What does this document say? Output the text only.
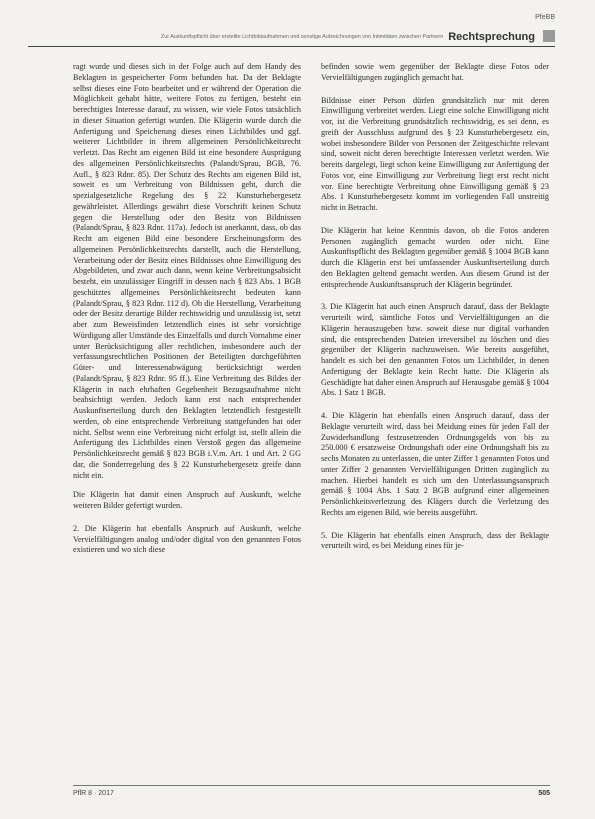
PfeBB
Zur Auskunftspflicht über erstellte Lichtbildaufnahmen und sonstige Aufzeichnungen von Intimitäten zwischen Partnern Rechtsprechung

ragt wurde und dieses sich in der Folge auch auf dem Handy des Beklagten in gespeicherter Form befunden hat. Da der Beklagte selbst dieses eine Foto bearbeitet und er während der Operation die Möglichkeit gehabt hätte, weitere Fotos zu fertigen, besteht ein berechtigtes Interesse darauf, zu wissen, wie viele Fotos tatsächlich in dieser Situation gefertigt wurden. Die Klägerin wurde durch die Anfertigung und Speicherung dieses einen Lichtbildes und ggf. weiterer Lichtbilder in ihrem allgemeinen Persönlichkeitsrecht verletzt. Das Recht am eigenen Bild ist eine besondere Ausprägung des allgemeinen Persönlichkeitsrechts (Palandt/Sprau, BGB, 76. Aufl., § 823 Rdnr. 85). Der Schutz des Rechts am eigenen Bild ist, soweit es um Verbreitung von Bildnissen geht, durch die spezialgesetzliche Regelung des § 22 Kunsturhebergesetz gewährleistet. Allerdings gewährt diese Vorschrift keinen Schutz gegen die Herstellung oder den Besitz von Bildnissen (Palandt/Sprau, § 823 Rdnr. 117a). Jedoch ist anerkannt, dass, ob das Recht am eigenen Bild eine besondere Erscheinungsform des allgemeinen Persönlichkeitsrechts darstellt, auch die Herstellung, Verarbeitung oder der Besitz eines Bildnisses ohne Einwilligung des Abgebildeten, und zwar auch dann, wenn keine Verbreitungsabsicht besteht, ein unzulässiger Eingriff in dessen nach § 823 Abs. 1 BGB geschütztes allgemeines Persönlichkeitsrecht bedeuten kann (Palandt/Sprau, § 823 Rdnr. 112 d). Ob die Herstellung, Verarbeitung oder der Besitz derartige Bilder rechtswidrig und unzulässig ist, setzt aber zum Beweisfinden letztendlich eines ist sehr vorsichtige Würdigung aller Umstände des Einzelfalls und durch Vornahme einer unter Berücksichtigung aller rechtlichen, insbesondere auch der verfassungsrechtlichen Positionen der Beteiligten durchgeführten Güter- und Interessenabwägung berücksichtigt werden (Palandt/Sprau, § 823 Rdnr. 95 ff.). Eine Verbreitung des Bildes der Klägerin in nach ehrhaften Gegebenheit Bezugsaufnahme nicht beabsichtigt werden. Jedoch kann erst nach entsprechender Auskunftserteilung durch den Beklagten letztendlich festgestellt werden, ob eine entsprechende Verbreitung stattgefunden hat oder nicht. Selbst wenn eine Verbreitung nicht erfolgt ist, stellt allein die Anfertigung des Lichtbildes einen Verstoß gegen das allgemeine Persönlichkeitsrecht gemäß § 823 BGB i.V.m. Art. 1 und Art. 2 GG dar, die Sonderregelung des § 22 Kunsturhebergesetz greife dann nicht ein.

Die Klägerin hat damit einen Anspruch auf Auskunft, welche weiteren Bilder gefertigt wurden.

2. Die Klägerin hat ebenfalls Anspruch auf Auskunft, welche Vervielfältigungen analog und/oder digital von den genannten Fotos existieren und wo sich diese

befinden sowie wem gegenüber der Beklagte diese Fotos oder Vervielfältigungen zugänglich gemacht hat.

Bildnisse einer Person dürfen grundsätzlich nur mit deren Einwilligung verbreitet werden. Liegt eine solche Einwilligung nicht vor, ist die Verbreitung grundsätzlich rechtswidrig, es sei denn, es greift der Ausschluss aufgrund des § 23 Kunsturhebergesetz ein, wobei insbesondere Bilder von Personen der Zeitgeschichte relevant sind, soweit nicht deren berechtigte Interessen verletzt werden. Wie bereits dargelegt, liegt schon keine Einwilligung zur Anfertigung der Fotos vor, eine Einwilligung zur Verbreitung liegt erst recht nicht vor. Eine berechtigte Verbreitung ohne Einwilligung gemäß § 23 Abs. 1 Kunsturhebergesetz kommt im vorliegenden Fall unstreitig nicht in Betracht.

Die Klägerin hat keine Kenntnis davon, ob die Fotos anderen Personen zugänglich gemacht wurden oder nicht. Eine Auskunftspflicht des Beklagten gegenüber gemäß § 1004 BGB kann durch die Klägerin erst bei umfassender Auskunftserteilung durch den Beklagten geltend gemacht werden. Aus diesem Grund ist der entsprechende Auskunftsanspruch der Klägerin begründet.

3. Die Klägerin hat auch einen Anspruch darauf, dass der Beklagte verurteilt wird, sämtliche Fotos und Vervielfältigungen an die Klägerin herauszugeben bzw. soweit diese nur digital vorhanden sind, die entsprechenden Dateien irreversibel zu löschen und dies gegenüber der Klägerin nachzuweisen. Wie bereits ausgeführt, handelt es sich bei den genannten Fotos um Lichtbilder, in denen Anfertigung der Beklagte kein Recht hatte. Die Klägerin als Geschädigte hat daher einen Anspruch auf Herausgabe gemäß § 1004 Abs. 1 Satz 1 BGB.

4. Die Klägerin hat ebenfalls einen Anspruch darauf, dass der Beklagte verurteilt wird, dass bei Meidung eines für jeden Fall der Zuwiderhandlung festzusetzenden Ordnungsgelds von bis zu 250.000 € ersatzweise Ordnungshaft oder eine Ordnungshaft bis zu sechs Monaten zu unterlassen, die unter Ziffer 1 genannten Fotos und unter Ziffer 2 genannten Vervielfältigungen Dritten zugänglich zu machen. Hierbei handelt es sich um den Unterlassungsanspruch gemäß § 1004 Abs. 1 Satz 2 BGB aufgrund einer allgemeinen Persönlichkeitsverletzung des Klägers durch die Verletzung des Rechts am eigenen Bild, wie bereits ausgeführt.

5. Die Klägerin hat ebenfalls einen Anspruch, dass der Beklagte verurteilt wird, es bei Meidung eines für je-

PflR 8 · 2017	505
